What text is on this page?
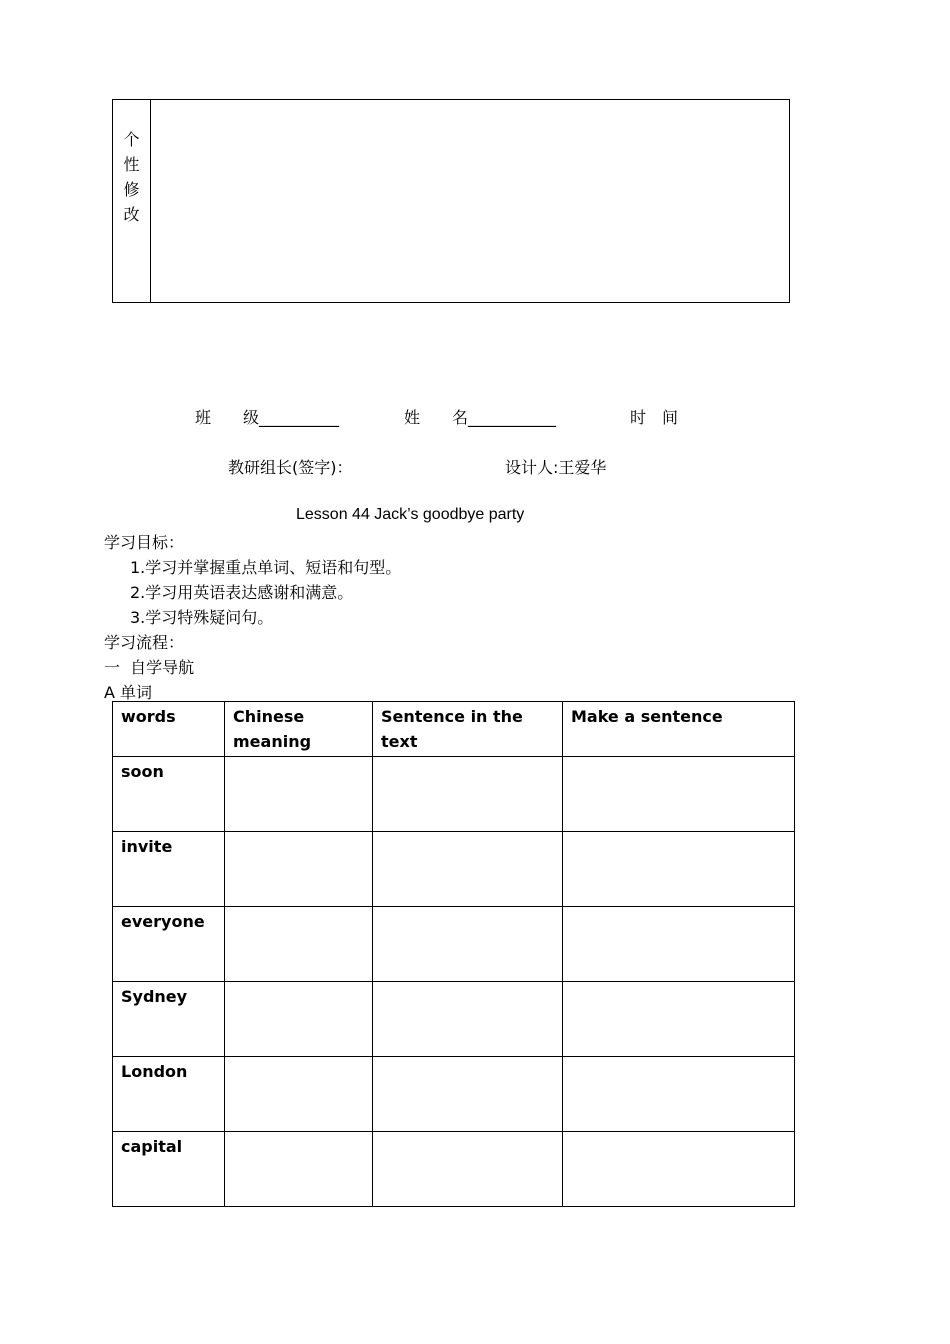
个
性
修
改
班　　级__________	姓　　名___________	时　间
教研组长(签字)：	设计人:王爱华
Lesson 44 Jack’s goodbye party
学习目标：
1.学习并掌握重点单词、短语和句型。
2.学习用英语表达感谢和满意。
3.学习特殊疑问句。
学习流程：
一  自学导航
A 单词
words	Chinese meaning	Sentence in the text	Make a sentence
soon			
invite			
everyone			
Sydney			
London			
capital			
